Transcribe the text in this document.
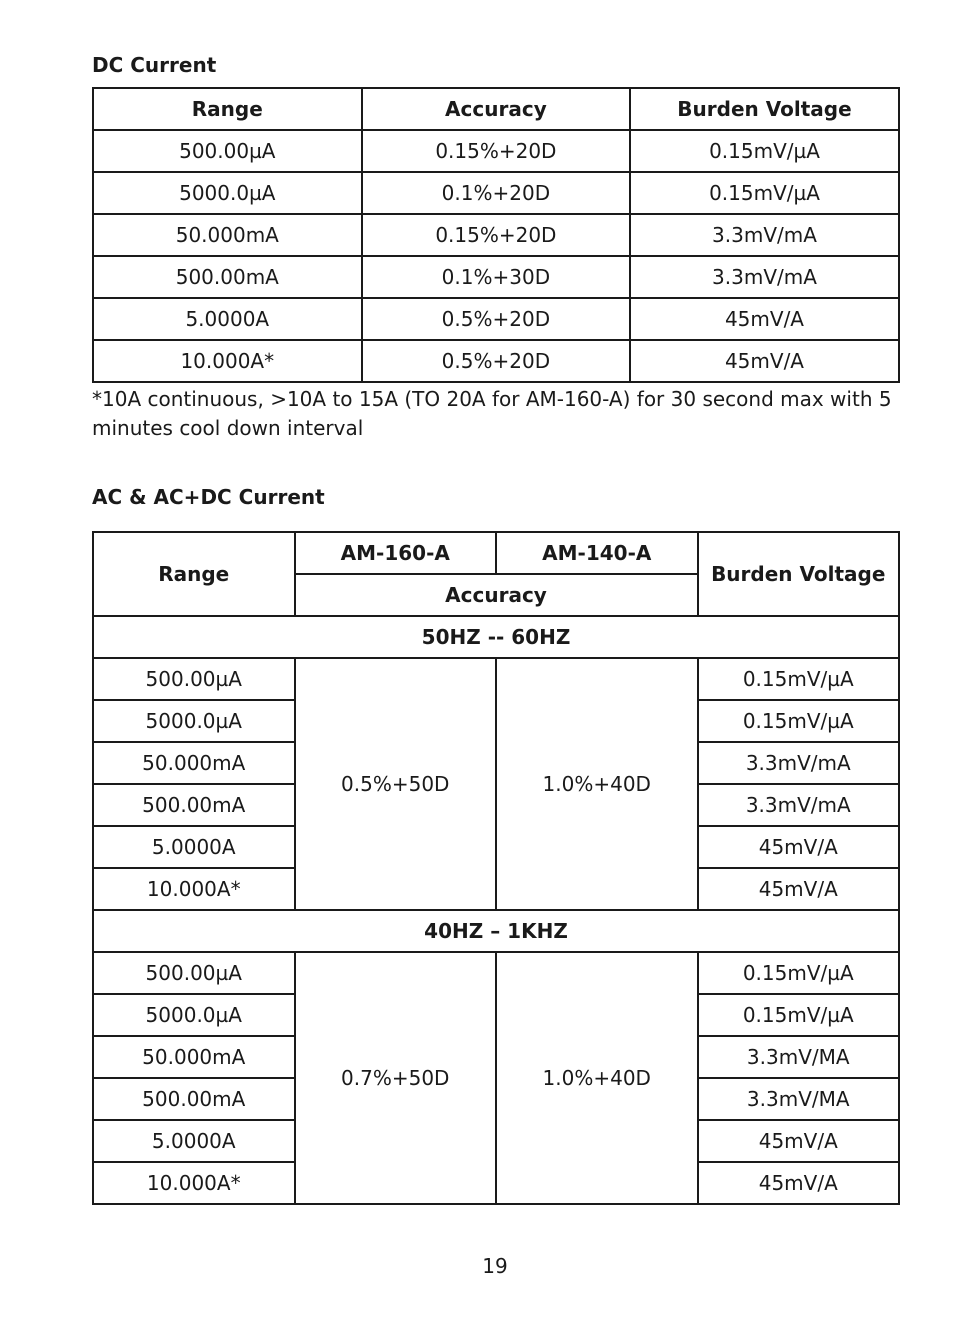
DC Current
Range	Accuracy	Burden Voltage
500.00µA	0.15%+20D	0.15mV/µA
5000.0µA	0.1%+20D	0.15mV/µA
50.000mA	0.15%+20D	3.3mV/mA
500.00mA	0.1%+30D	3.3mV/mA
5.0000A	0.5%+20D	45mV/A
10.000A*	0.5%+20D	45mV/A
*10A continuous, >10A to 15A (TO 20A for AM-160-A) for 30 second max with 5 minutes cool down interval
AC & AC+DC Current
Range	AM-160-A	AM-140-A	Burden Voltage
	Accuracy		
50HZ -- 60HZ			
500.00µA	0.5%+50D	1.0%+40D	0.15mV/µA
5000.0µA			0.15mV/µA
50.000mA			3.3mV/mA
500.00mA			3.3mV/mA
5.0000A			45mV/A
10.000A*			45mV/A
40HZ – 1KHZ			
500.00µA	0.7%+50D	1.0%+40D	0.15mV/µA
5000.0µA			0.15mV/µA
50.000mA			3.3mV/MA
500.00mA			3.3mV/MA
5.0000A			45mV/A
10.000A*			45mV/A
19
